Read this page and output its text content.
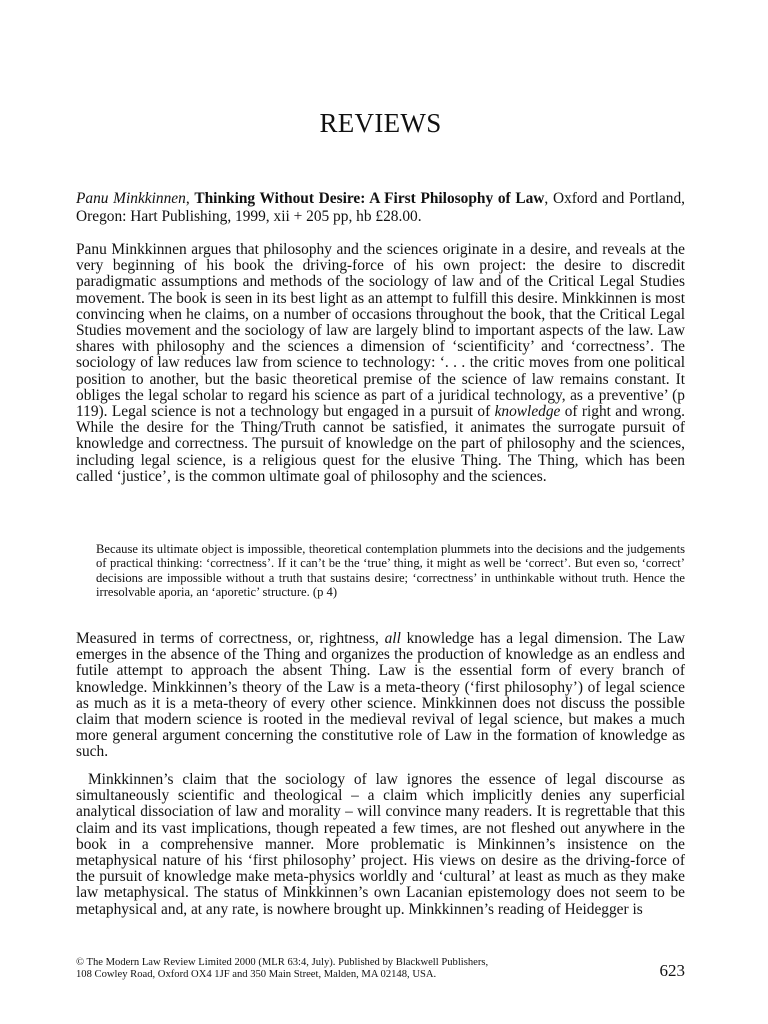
REVIEWS

Panu Minkkinnen, Thinking Without Desire: A First Philosophy of Law, Oxford and Portland, Oregon: Hart Publishing, 1999, xii + 205 pp, hb £28.00.

Panu Minkkinnen argues that philosophy and the sciences originate in a desire, and reveals at the very beginning of his book the driving-force of his own project: the desire to discredit paradigmatic assumptions and methods of the sociology of law and of the Critical Legal Studies movement. The book is seen in its best light as an attempt to fulfill this desire. Minkkinnen is most convincing when he claims, on a number of occasions throughout the book, that the Critical Legal Studies movement and the sociology of law are largely blind to important aspects of the law. Law shares with philosophy and the sciences a dimension of ‘scientificity’ and ‘correctness’. The sociology of law reduces law from science to technology: ‘. . . the critic moves from one political position to another, but the basic theoretical premise of the science of law remains constant. It obliges the legal scholar to regard his science as part of a juridical technology, as a preventive’ (p 119). Legal science is not a technology but engaged in a pursuit of knowledge of right and wrong. While the desire for the Thing/Truth cannot be satisfied, it animates the surrogate pursuit of knowledge and correctness. The pursuit of knowledge on the part of philosophy and the sciences, including legal science, is a religious quest for the elusive Thing. The Thing, which has been called ‘justice’, is the common ultimate goal of philosophy and the sciences.

Because its ultimate object is impossible, theoretical contemplation plummets into the decisions and the judgements of practical thinking: ‘correctness’. If it can’t be the ‘true’ thing, it might as well be ‘correct’. But even so, ‘correct’ decisions are impossible without a truth that sustains desire; ‘correctness’ in unthinkable without truth. Hence the irresolvable aporia, an ‘aporetic’ structure. (p 4)

Measured in terms of correctness, or, rightness, all knowledge has a legal dimension. The Law emerges in the absence of the Thing and organizes the production of knowledge as an endless and futile attempt to approach the absent Thing. Law is the essential form of every branch of knowledge. Minkkinnen’s theory of the Law is a meta-theory (‘first philosophy’) of legal science as much as it is a meta-theory of every other science. Minkkinnen does not discuss the possible claim that modern science is rooted in the medieval revival of legal science, but makes a much more general argument concerning the constitutive role of Law in the formation of knowledge as such.

Minkkinnen’s claim that the sociology of law ignores the essence of legal discourse as simultaneously scientific and theological – a claim which implicitly denies any superficial analytical dissociation of law and morality – will convince many readers. It is regrettable that this claim and its vast implications, though repeated a few times, are not fleshed out anywhere in the book in a comprehensive manner. More problematic is Minkinnen’s insistence on the metaphysical nature of his ‘first philosophy’ project. His views on desire as the driving-force of the pursuit of knowledge make meta-physics worldly and ‘cultural’ at least as much as they make law metaphysical. The status of Minkkinnen’s own Lacanian epistemology does not seem to be metaphysical and, at any rate, is nowhere brought up. Minkkinnen’s reading of Heidegger is

© The Modern Law Review Limited 2000 (MLR 63:4, July). Published by Blackwell Publishers,
108 Cowley Road, Oxford OX4 1JF and 350 Main Street, Malden, MA 02148, USA.	623
